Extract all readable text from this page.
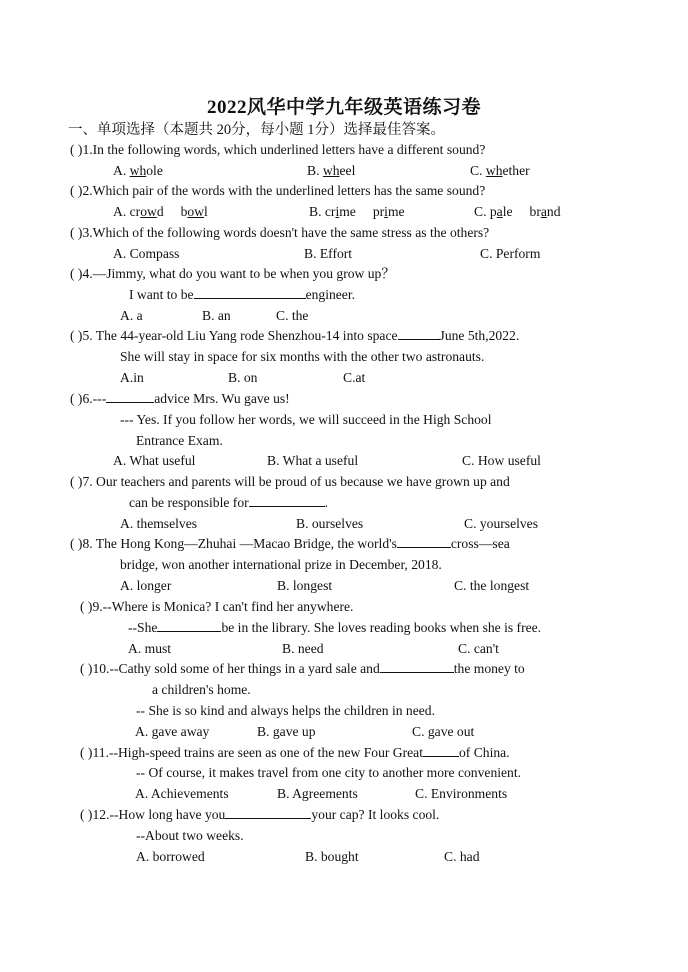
2022风华中学九年级英语练习卷
一、单项选择（本题共 20分，每小题 1分）选择最佳答案。
( )1.In the following words, which underlined letters have a different sound?
A. whole	B. wheel	C. whether
( )2.Which pair of the words with the underlined letters has the same sound?
A. crowd     bowl	B. crime     prime	C. pale     brand
( )3.Which of the following words doesn't have the same stress as the others?
A. Compass	B. Effort	C. Perform
( )4.—Jimmy, what do you want to be when you grow up？
I want to be	engineer.
A. a	B. an	C. the
( )5. The 44-year-old Liu Yang rode Shenzhou-14 into space	June 5th,2022.
She will stay in space for six months with the other two astronauts.
A.in	B. on	C.at
( )6.---	advice Mrs. Wu gave us!
--- Yes. If you follow her words, we will succeed in the High School
Entrance Exam.
A. What useful	B. What a useful	C. How useful
( )7. Our teachers and parents will be proud of us because we have grown up and
can be responsible for	.
A. themselves	B. ourselves	C. yourselves
( )8. The Hong Kong—Zhuhai —Macao Bridge, the world's	cross—sea
bridge, won another international prize in December, 2018.
A. longer	B. longest	C. the longest
( )9.--Where is Monica? I can't find her anywhere.
--She	be in the library. She loves reading books when she is free.
A. must	B. need	C. can't
( )10.--Cathy sold some of her things in a yard sale and	the money to
a children's home.
-- She is so kind and always helps the children in need.
A. gave away	B. gave up	C. gave out
( )11.--High-speed trains are seen as one of the new Four Great	of China.
-- Of course, it makes travel from one city to another more convenient.
A. Achievements	B. Agreements	C. Environments
( )12.--How long have you	your cap? It looks cool.
--About two weeks.
A. borrowed	B. bought	C. had
